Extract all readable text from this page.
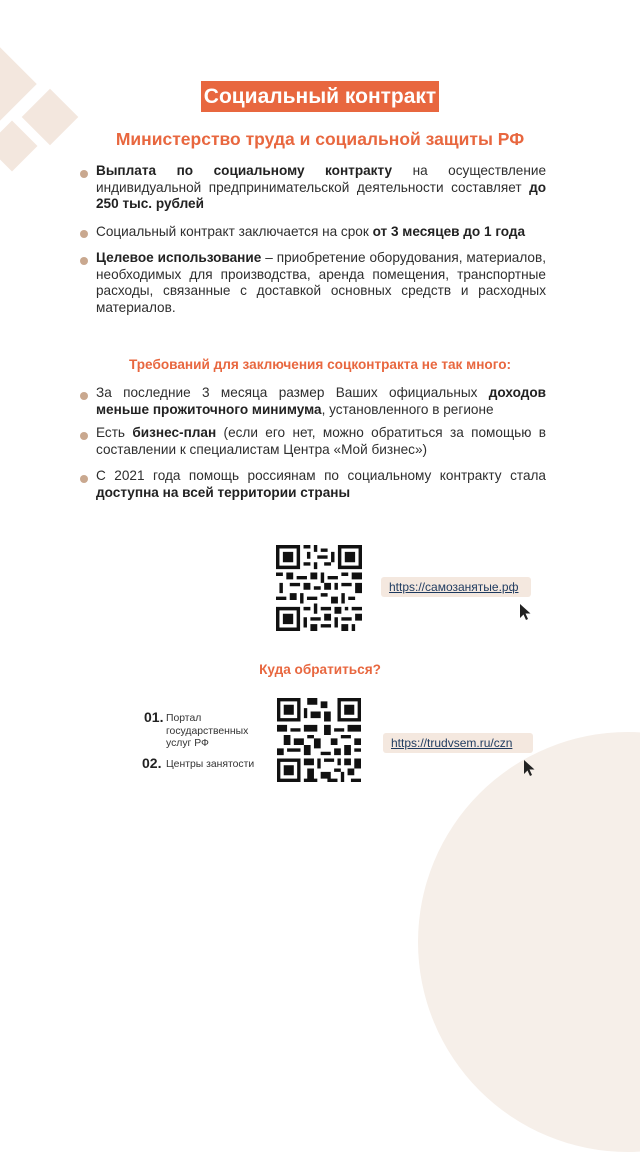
Социальный контракт
Министерство труда и социальной защиты РФ
Выплата по социальному контракту на осуществление индивидуальной предпринимательской деятельности составляет до 250 тыс. рублей
Социальный контракт заключается на срок от 3 месяцев до 1 года
Целевое использование – приобретение оборудования, материалов, необходимых для производства, аренда помещения, транспортные расходы, связанные с доставкой основных средств и расходных материалов.
Требований для заключения соцконтракта не так много:
За последние 3 месяца размер Ваших официальных доходов меньше прожиточного минимума, установленного в регионе
Есть бизнес-план (если его нет, можно обратиться за помощью в составлении к специалистам Центра «Мой бизнес»)
С 2021 года помощь россиянам по социальному контракту стала доступна на всей территории страны
https://самозанятые.рф
Куда обратиться?
01. Портал государственных услуг РФ
02. Центры занятости
https://trudvsem.ru/czn
